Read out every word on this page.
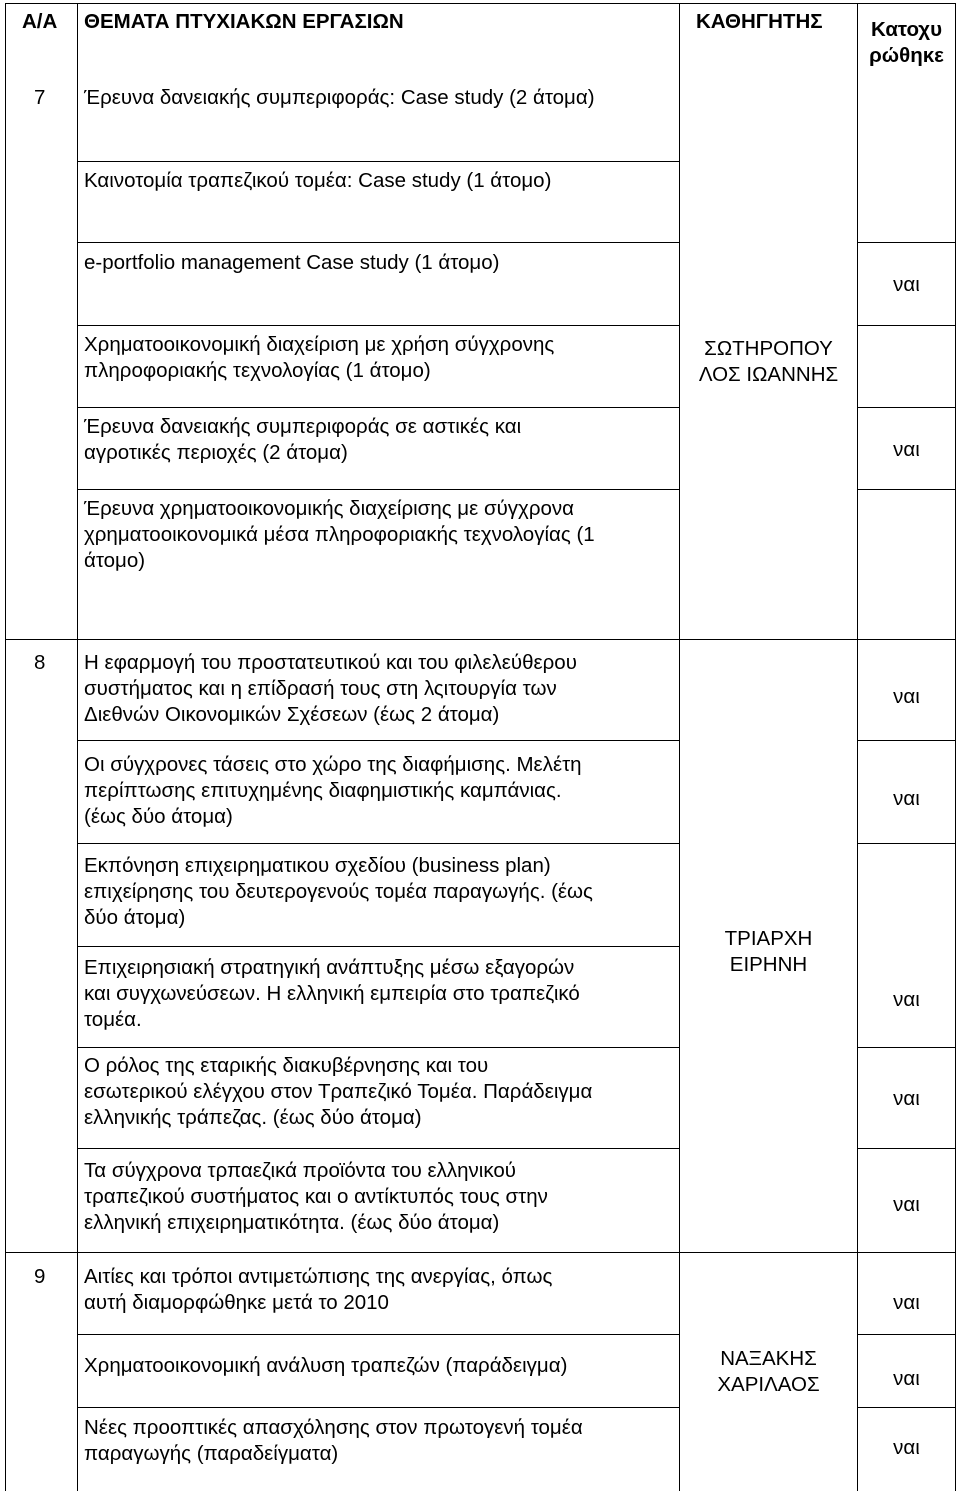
Α/Α ΘΕΜΑΤΑ ΠΤΥΧΙΑΚΩΝ ΕΡΓΑΣΙΩΝ	ΚΑΘΗΓΗΤΗΣ	Κατοχυ
ρώθηκε
7
8
9
ΣΩΤΗΡΟΠΟΥ
ΛΟΣ ΙΩΑΝΝΗΣ
ΤΡΙΑΡΧΗ
ΕΙΡΗΝΗ
ΝΑΞΑΚΗΣ
ΧΑΡΙΛΑΟΣ
Έρευνα δανειακής συμπεριφοράς: Case study (2 άτομα)
Καινοτομία τραπεζικού τομέα: Case study (1 άτομο)
e-portfolio management Case study (1 άτομο)
Χρηματοοικονομική διαχείριση με χρήση σύγχρονης
πληροφοριακής τεχνολογίας (1 άτομο)
Έρευνα δανειακής συμπεριφοράς σε αστικές και
αγροτικές περιοχές (2 άτομα)
Έρευνα χρηματοοικονομικής διαχείρισης με σύγχρονα
χρηματοοικονομικά μέσα πληροφοριακής τεχνολογίας (1
άτομο)
Η εφαρμογή του προστατευτικού και του φιλελεύθερου
συστήματος και η επίδρασή τους στη λςιτουργία των
Διεθνών Οικονομικών Σχέσεων (έως 2 άτομα)
Οι σύγχρονες τάσεις στο χώρο της διαφήμισης. Μελέτη
περίπτωσης επιτυχημένης διαφημιστικής καμπάνιας.
(έως δύο άτομα)
Εκπόνηση επιχειρηματικου σχεδίου (business plan)
επιχείρησης του δευτερογενούς τομέα παραγωγής. (έως
δύο άτομα)
Επιχειρησιακή στρατηγική ανάπτυξης μέσω εξαγορών
και συγχωνεύσεων. Η ελληνική εμπειρία στο τραπεζικό
τομέα.
Ο ρόλος της εταρικής διακυβέρνησης και του
εσωτερικού ελέγχου στον Τραπεζικό Τομέα. Παράδειγμα
ελληνικής τράπεζας. (έως δύο άτομα)
Τα σύγχρονα τρπαεζικά προϊόντα του ελληνικού
τραπεζικού συστήματος και ο αντίκτυπός τους στην
ελληνική επιχειρηματικότητα. (έως δύο άτομα)
Αιτίες και τρόποι αντιμετώπισης της ανεργίας, όπως
αυτή διαμορφώθηκε μετά το 2010
Χρηματοοικονομική ανάλυση τραπεζών (παράδειγμα)
Νέες προοπτικές απασχόλησης στον πρωτογενή τομέα
παραγωγής (παραδείγματα)
ναι
ναι
ναι
ναι
ναι
ναι
ναι
ναι
ναι
ναι
